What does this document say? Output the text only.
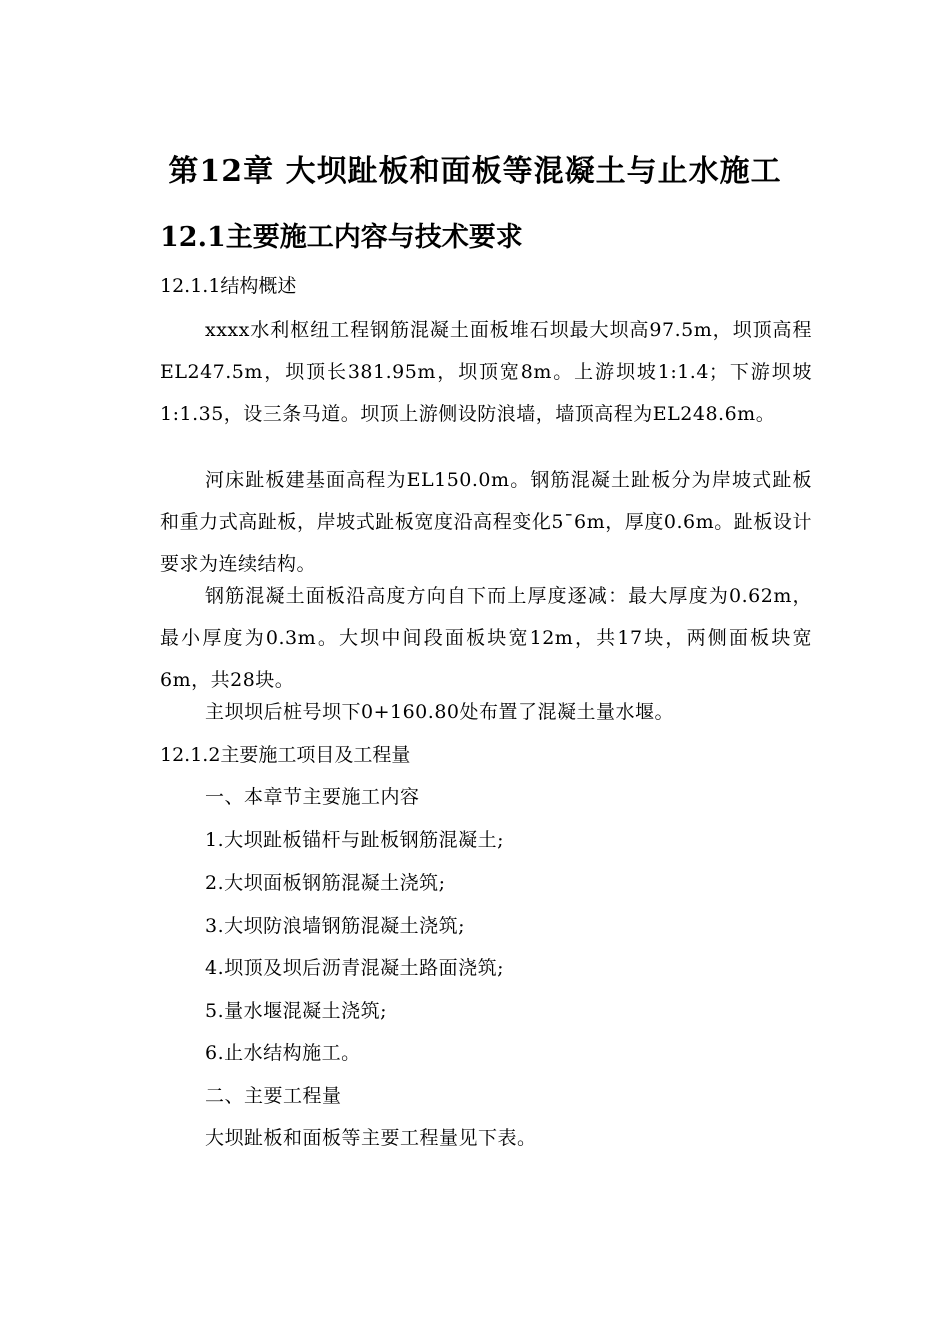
第12章 大坝趾板和面板等混凝土与止水施工
12.1主要施工内容与技术要求
12.1.1结构概述
xxxx水利枢纽工程钢筋混凝土面板堆石坝最大坝高97.5m，坝顶高程EL247.5m，坝顶长381.95m，坝顶宽8m。上游坝坡1:1.4；下游坝坡1:1.35，设三条马道。坝顶上游侧设防浪墙，墙顶高程为EL248.6m。
河床趾板建基面高程为EL150.0m。钢筋混凝土趾板分为岸坡式趾板和重力式高趾板，岸坡式趾板宽度沿高程变化5¯6m，厚度0.6m。趾板设计要求为连续结构。
钢筋混凝土面板沿高度方向自下而上厚度逐减：最大厚度为0.62m，最小厚度为0.3m。大坝中间段面板块宽12m，共17块，两侧面板块宽6m，共28块。
主坝坝后桩号坝下0+160.80处布置了混凝土量水堰。
12.1.2主要施工项目及工程量
一、本章节主要施工内容
1.大坝趾板锚杆与趾板钢筋混凝土;
2.大坝面板钢筋混凝土浇筑;
3.大坝防浪墙钢筋混凝土浇筑;
4.坝顶及坝后沥青混凝土路面浇筑;
5.量水堰混凝土浇筑;
6.止水结构施工。
二、主要工程量
大坝趾板和面板等主要工程量见下表。
